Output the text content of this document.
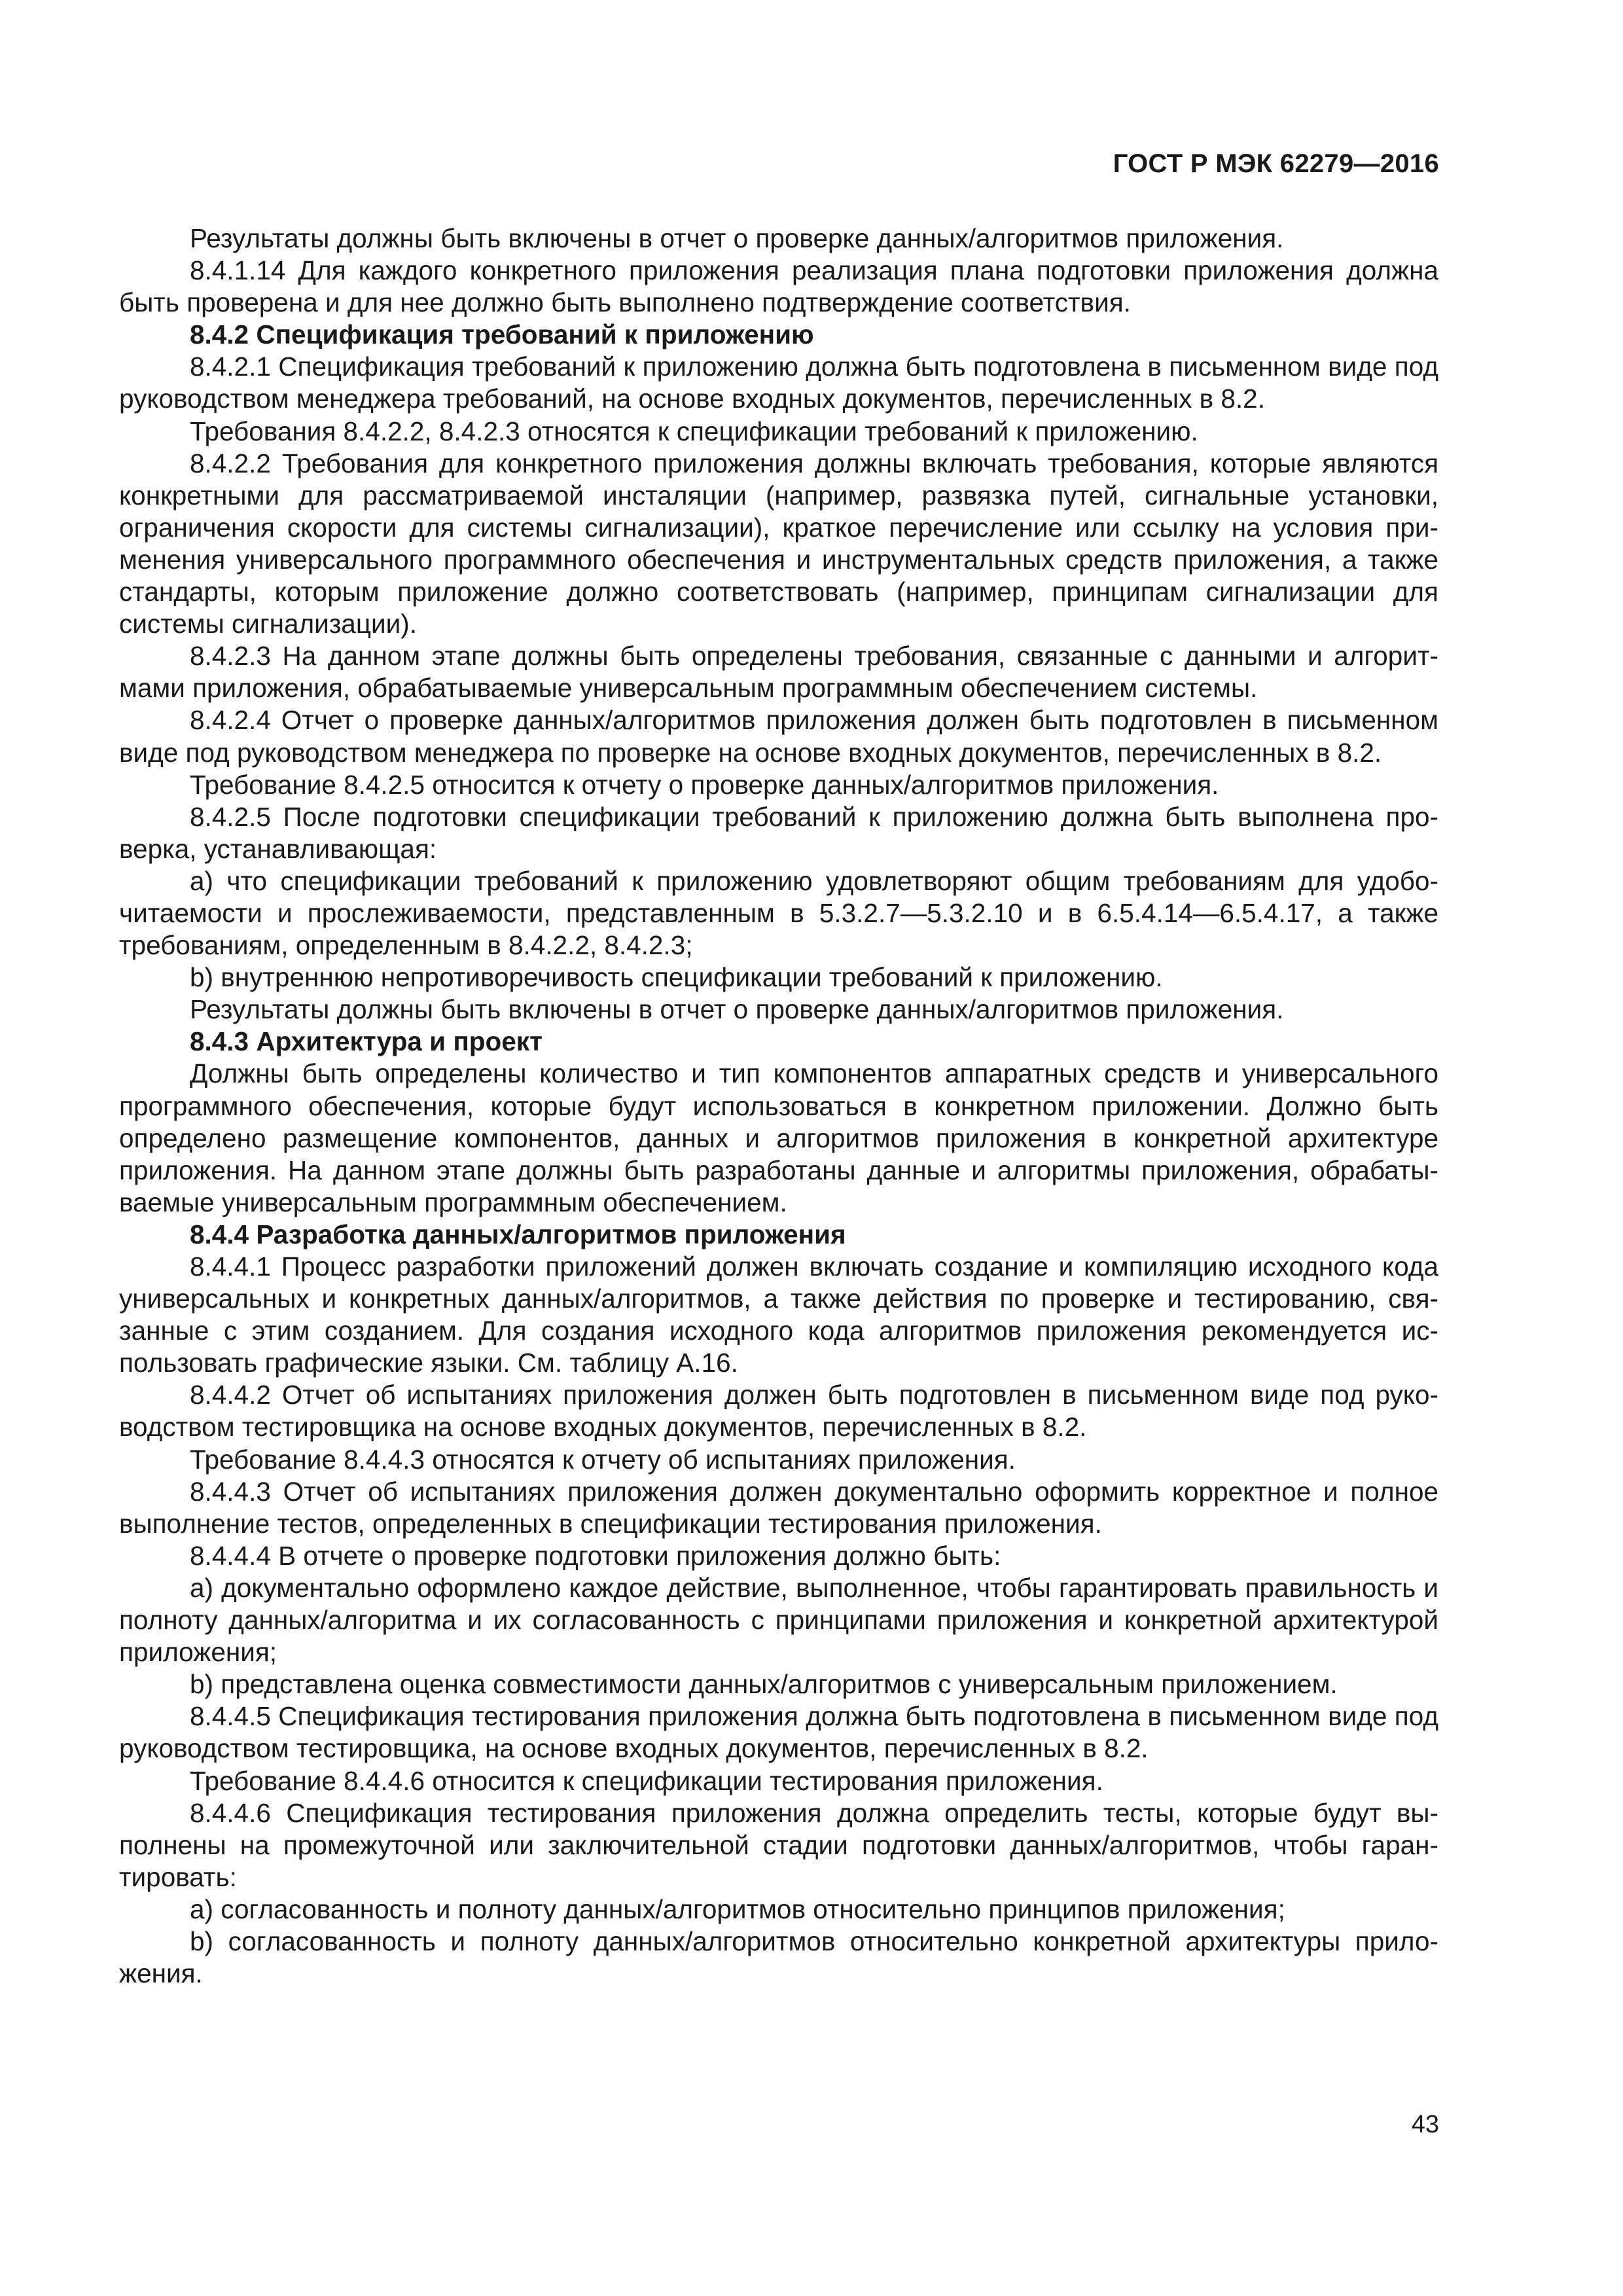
ГОСТ Р МЭК 62279—2016

Результаты должны быть включены в отчет о проверке данных/алгоритмов приложения.

8.4.1.14 Для каждого конкретного приложения реализация плана подготовки приложения должна быть проверена и для нее должно быть выполнено подтверждение соответствия.

8.4.2 Спецификация требований к приложению

8.4.2.1 Спецификация требований к приложению должна быть подготовлена в письменном виде под руководством менеджера требований, на основе входных документов, перечисленных в 8.2.

Требования 8.4.2.2, 8.4.2.3 относятся к спецификации требований к приложению.

8.4.2.2 Требования для конкретного приложения должны включать требования, которые являются конкретными для рассматриваемой инсталяции (например, развязка путей, сигнальные установки, ограничения скорости для системы сигнализации), краткое перечисление или ссылку на условия применения универсального программного обеспечения и инструментальных средств приложения, а также стандарты, которым приложение должно соответствовать (например, принципам сигнализации для системы сигнализации).

8.4.2.3 На данном этапе должны быть определены требования, связанные с данными и алгоритмами приложения, обрабатываемые универсальным программным обеспечением системы.

8.4.2.4 Отчет о проверке данных/алгоритмов приложения должен быть подготовлен в письменном виде под руководством менеджера по проверке на основе входных документов, перечисленных в 8.2.

Требование 8.4.2.5 относится к отчету о проверке данных/алгоритмов приложения.

8.4.2.5 После подготовки спецификации требований к приложению должна быть выполнена проверка, устанавливающая:

a) что спецификации требований к приложению удовлетворяют общим требованиям для удобочитаемости и прослеживаемости, представленным в 5.3.2.7—5.3.2.10 и в 6.5.4.14—6.5.4.17, а также требованиям, определенным в 8.4.2.2, 8.4.2.3;

b) внутреннюю непротиворечивость спецификации требований к приложению.

Результаты должны быть включены в отчет о проверке данных/алгоритмов приложения.

8.4.3 Архитектура и проект

Должны быть определены количество и тип компонентов аппаратных средств и универсального программного обеспечения, которые будут использоваться в конкретном приложении. Должно быть определено размещение компонентов, данных и алгоритмов приложения в конкретной архитектуре приложения. На данном этапе должны быть разработаны данные и алгоритмы приложения, обрабатываемые универсальным программным обеспечением.

8.4.4 Разработка данных/алгоритмов приложения

8.4.4.1 Процесс разработки приложений должен включать создание и компиляцию исходного кода универсальных и конкретных данных/алгоритмов, а также действия по проверке и тестированию, связанные с этим созданием. Для создания исходного кода алгоритмов приложения рекомендуется использовать графические языки. См. таблицу А.16.

8.4.4.2 Отчет об испытаниях приложения должен быть подготовлен в письменном виде под руководством тестировщика на основе входных документов, перечисленных в 8.2.

Требование 8.4.4.3 относятся к отчету об испытаниях приложения.

8.4.4.3 Отчет об испытаниях приложения должен документально оформить корректное и полное выполнение тестов, определенных в спецификации тестирования приложения.

8.4.4.4 В отчете о проверке подготовки приложения должно быть:

a) документально оформлено каждое действие, выполненное, чтобы гарантировать правильность и полноту данных/алгоритма и их согласованность с принципами приложения и конкретной архитектурой приложения;

b) представлена оценка совместимости данных/алгоритмов с универсальным приложением.

8.4.4.5 Спецификация тестирования приложения должна быть подготовлена в письменном виде под руководством тестировщика, на основе входных документов, перечисленных в 8.2.

Требование 8.4.4.6 относится к спецификации тестирования приложения.

8.4.4.6 Спецификация тестирования приложения должна определить тесты, которые будут выполнены на промежуточной или заключительной стадии подготовки данных/алгоритмов, чтобы гарантировать:

a) согласованность и полноту данных/алгоритмов относительно принципов приложения;

b) согласованность и полноту данных/алгоритмов относительно конкретной архитектуры приложения.

43
